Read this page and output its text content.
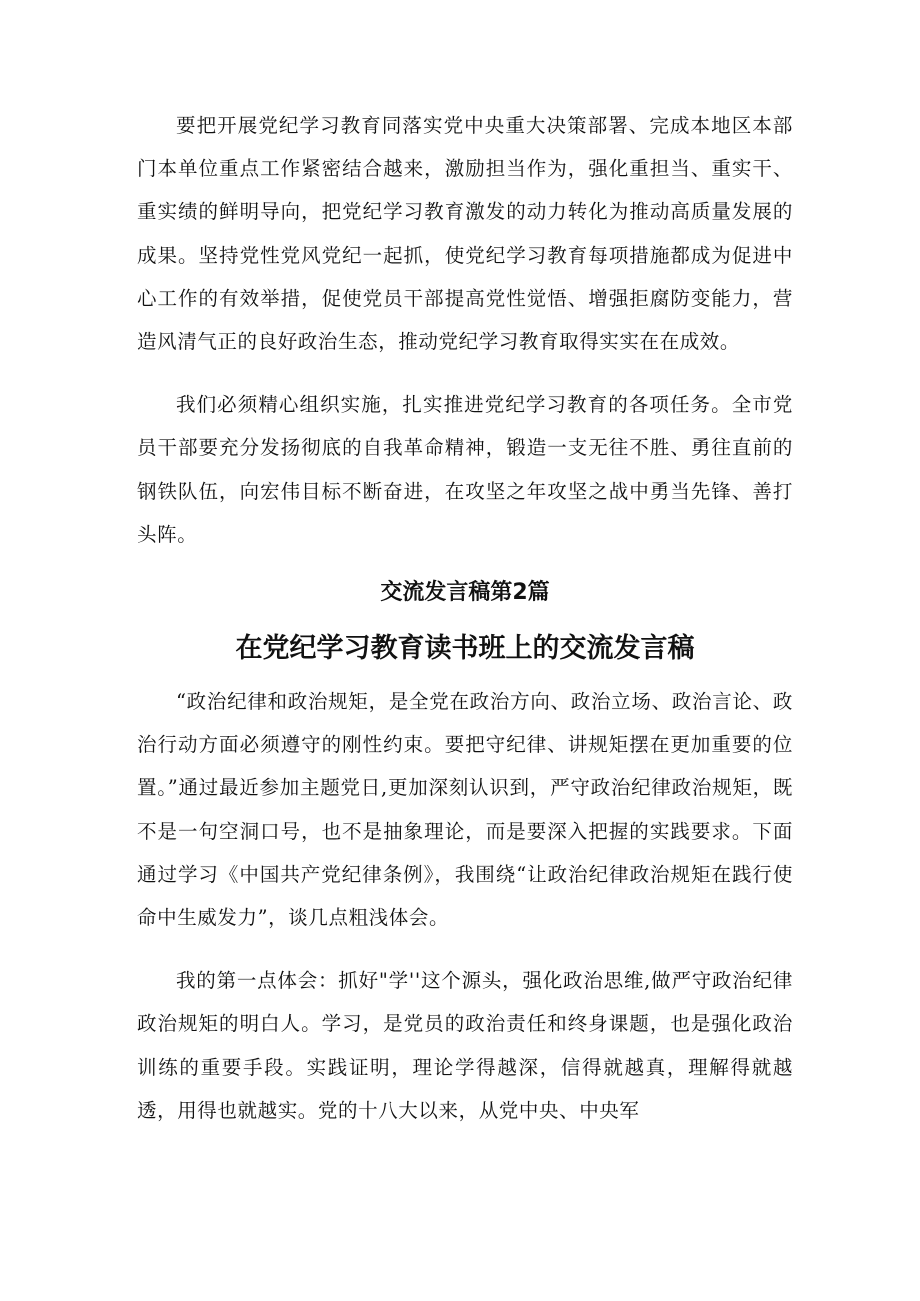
要把开展党纪学习教育同落实党中央重大决策部署、完成本地区本部门本单位重点工作紧密结合越来，激励担当作为，强化重担当、重实干、重实绩的鲜明导向，把党纪学习教育激发的动力转化为推动高质量发展的成果。坚持党性党风党纪一起抓，使党纪学习教育每项措施都成为促进中心工作的有效举措，促使党员干部提高党性觉悟、增强拒腐防变能力，营造风清气正的良好政治生态，推动党纪学习教育取得实实在在成效。

我们必须精心组织实施，扎实推进党纪学习教育的各项任务。全市党员干部要充分发扬彻底的自我革命精神，锻造一支无往不胜、勇往直前的钢铁队伍，向宏伟目标不断奋进，在攻坚之年攻坚之战中勇当先锋、善打头阵。

交流发言稿第2篇
在党纪学习教育读书班上的交流发言稿

“政治纪律和政治规矩，是全党在政治方向、政治立场、政治言论、政治行动方面必须遵守的刚性约束。要把守纪律、讲规矩摆在更加重要的位置。”通过最近参加主题党日,更加深刻认识到，严守政治纪律政治规矩，既不是一句空洞口号，也不是抽象理论，而是要深入把握的实践要求。下面通过学习《中国共产党纪律条例》，我围绕“让政治纪律政治规矩在践行使命中生威发力”，谈几点粗浅体会。

我的第一点体会：抓好"学''这个源头，强化政治思维,做严守政治纪律政治规矩的明白人。学习，是党员的政治责任和终身课题，也是强化政治训练的重要手段。实践证明，理论学得越深，信得就越真，理解得就越透，用得也就越实。党的十八大以来，从党中央、中央军
